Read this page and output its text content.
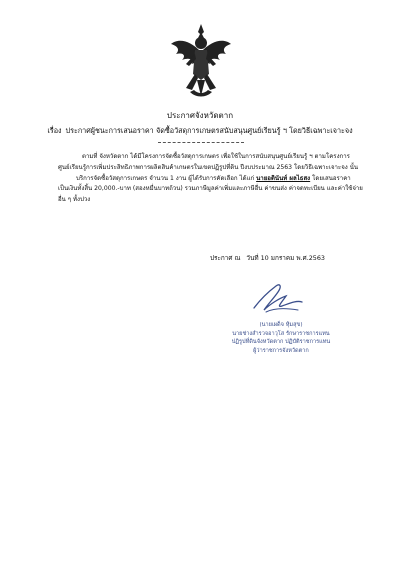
ประกาศจังหวัดตาก
เรื่อง ประกาศผู้ชนะการเสนอราคา จัดซื้อวัสดุการเกษตรสนับสนุนศูนย์เรียนรู้ ฯ โดยวิธีเฉพาะเจาะจง
ตามที่ จังหวัดตาก ได้มีโครงการจัดซื้อวัสดุการเกษตร เพื่อใช้ในการสนับสนุนศูนย์เรียนรู้ ฯ ตามโครงการ
ศูนย์เรียนรู้การเพิ่มประสิทธิภาพการผลิตสินค้าเกษตรในเขตปฏิรูปที่ดิน ปีงบประมาณ 2563 โดยวิธีเฉพาะเจาะจง นั้น
บริการจัดซื้อวัสดุการเกษตร จำนวน 1 งาน ผู้ได้รับการคัดเลือก ได้แก่ นายอดินันท์ ผลไธสง โดยเสนอราคา
เป็นเงินทั้งสิ้น 20,000.-บาท (สองหมื่นบาทถ้วน) รวมภาษีมูลค่าเพิ่มและภาษีอื่น ค่าขนส่ง ค่าจดทะเบียน และค่าใช้จ่าย
อื่น ๆ ทั้งปวง
ประกาศ ณ วันที่ 10 มกราคม พ.ศ.2563
(นายเผด็จ หุ้มสุข)
นายช่างสำรวจอาวุโส รักษาราชการแทน
ปฏิรูปที่ดินจังหวัดตาก ปฏิบัติราชการแทน
ผู้ว่าราชการจังหวัดตาก
